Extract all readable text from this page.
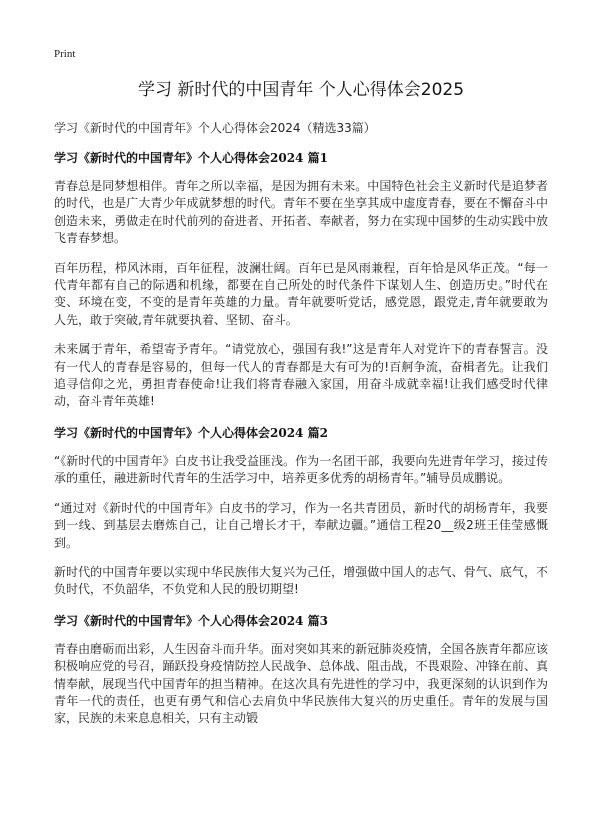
Print
学习 新时代的中国青年 个人心得体会2025
学习《新时代的中国青年》个人心得体会2024（精选33篇）
学习《新时代的中国青年》个人心得体会2024 篇1

青春总是同梦想相伴。青年之所以幸福，是因为拥有未来。中国特色社会主义新时代是追梦者的时代，也是广大青少年成就梦想的时代。青年不要在坐享其成中虚度青春，要在不懈奋斗中创造未来，勇做走在时代前列的奋进者、开拓者、奉献者，努力在实现中国梦的生动实践中放飞青春梦想。

百年历程，栉风沐雨，百年征程，波澜壮阔。百年已是风雨兼程，百年恰是风华正茂。“每一代青年都有自己的际遇和机缘，都要在自己所处的时代条件下谋划人生、创造历史。”时代在变、环境在变，不变的是青年英雄的力量。青年就要听党话，感党恩，跟党走,青年就要敢为人先，敢于突破,青年就要执着、坚韧、奋斗。

未来属于青年，希望寄予青年。“请党放心，强国有我!”这是青年人对党许下的青春誓言。没有一代人的青春是容易的，但每一代人的青春都是大有可为的!百舸争流，奋楫者先。让我们追寻信仰之光，勇担青春使命!让我们将青春融入家国，用奋斗成就幸福!让我们感受时代律动，奋斗青年英雄!

学习《新时代的中国青年》个人心得体会2024 篇2

“《新时代的中国青年》白皮书让我受益匪浅。作为一名团干部，我要向先进青年学习，接过传承的重任，融进新时代青年的生活学习中，培养更多优秀的胡杨青年。”辅导员成鹏说。

“通过对《新时代的中国青年》白皮书的学习，作为一名共青团员，新时代的胡杨青年，我要到一线、到基层去磨炼自己，让自己增长才干，奉献边疆。”通信工程20__级2班王佳莹感慨到。

新时代的中国青年要以实现中华民族伟大复兴为己任，增强做中国人的志气、骨气、底气，不负时代，不负韶华，不负党和人民的殷切期望!

学习《新时代的中国青年》个人心得体会2024 篇3

青春由磨砺而出彩，人生因奋斗而升华。面对突如其来的新冠肺炎疫情，全国各族青年都应该积极响应党的号召，踊跃投身疫情防控人民战争、总体战、阻击战，不畏艰险、冲锋在前、真情奉献，展现当代中国青年的担当精神。在这次具有先进性的学习中，我更深刻的认识到作为青年一代的责任，也更有勇气和信心去肩负中华民族伟大复兴的历史重任。青年的发展与国家，民族的未来息息相关，只有主动锻
